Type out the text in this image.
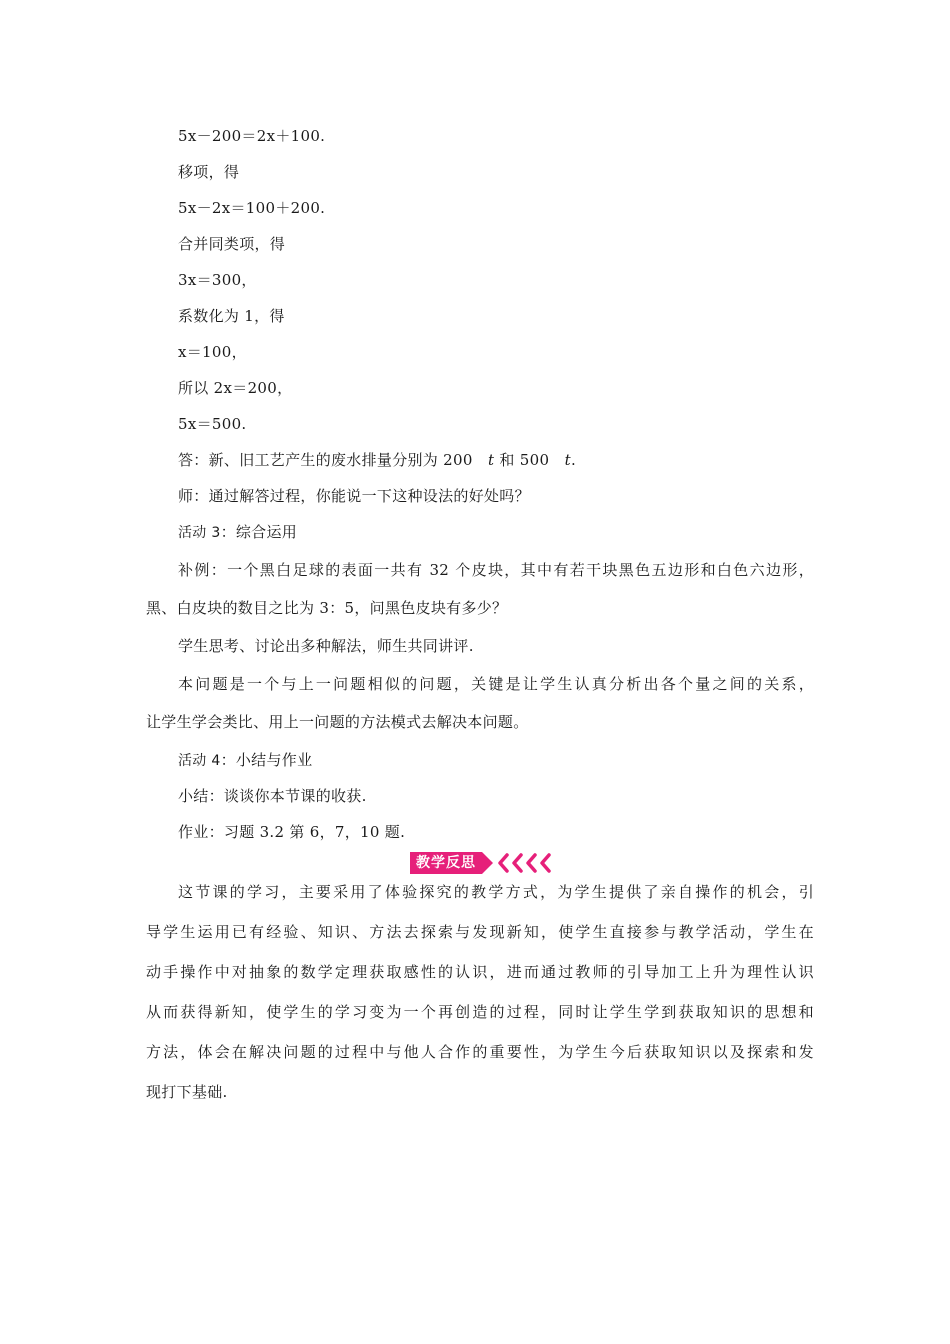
5x－200＝2x＋100.
移项，得
5x－2x＝100＋200.
合并同类项，得
3x＝300，
系数化为 1，得
x＝100，
所以 2x＝200，
5x＝500.
答：新、旧工艺产生的废水排量分别为 200　t 和 500　t.
师：通过解答过程，你能说一下这种设法的好处吗？
活动 3：综合运用
补例：一个黑白足球的表面一共有 32 个皮块，其中有若干块黑色五边形和白色六边形，
黑、白皮块的数目之比为 3：5，问黑色皮块有多少？
学生思考、讨论出多种解法，师生共同讲评.
本问题是一个与上一问题相似的问题，关键是让学生认真分析出各个量之间的关系，
让学生学会类比、用上一问题的方法模式去解决本问题。
活动 4：小结与作业
小结：谈谈你本节课的收获.
作业：习题 3.2 第 6，7，10 题.
教学反思
这节课的学习，主要采用了体验探究的教学方式，为学生提供了亲自操作的机会，引
导学生运用已有经验、知识、方法去探索与发现新知，使学生直接参与教学活动，学生在
动手操作中对抽象的数学定理获取感性的认识，进而通过教师的引导加工上升为理性认识
从而获得新知，使学生的学习变为一个再创造的过程，同时让学生学到获取知识的思想和
方法，体会在解决问题的过程中与他人合作的重要性，为学生今后获取知识以及探索和发
现打下基础.
